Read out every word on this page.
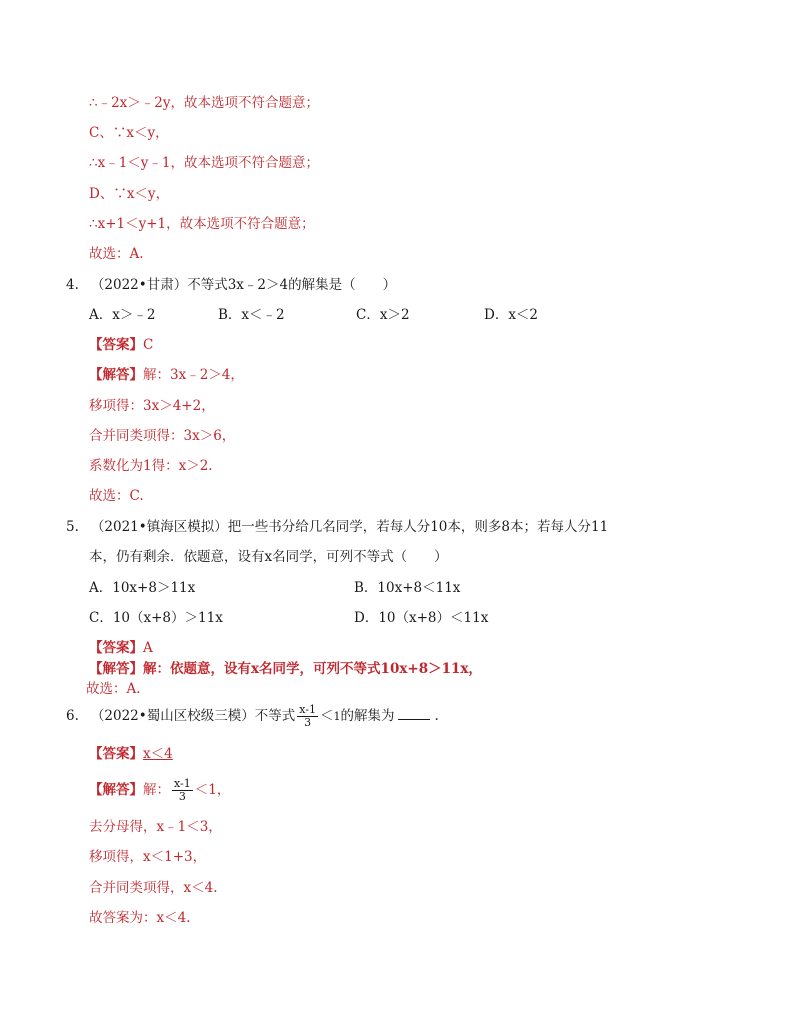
∴﹣2x＞﹣2y，故本选项不符合题意；
C、∵x＜y，
∴x﹣1＜y﹣1，故本选项不符合题意；
D、∵x＜y，
∴x+1＜y+1，故本选项不符合题意；
故选：A.
4. （2022•甘肃）不等式3x﹣2＞4的解集是（　　）
A．x＞﹣2	B．x＜﹣2	C．x＞2	D．x＜2
【答案】C
【解答】解：3x﹣2＞4，
移项得：3x＞4+2，
合并同类项得：3x＞6，
系数化为1得：x＞2.
故选：C.
5. （2021•镇海区模拟）把一些书分给几名同学，若每人分10本，则多8本；若每人分11
本，仍有剩余．依题意，设有x名同学，可列不等式（　　）
A．10x+8＞11x	B．10x+8＜11x
C．10（x+8）＞11x	D．10（x+8）＜11x
【答案】A
【解答】解：依题意，设有x名同学，可列不等式10x+8＞11x，
故选：A.
6. （2022•蜀山区校级三模）不等式 $\frac{x-1}{3} <1$的解集为	.
【答案】x＜4
【解答】解： $\frac{x-1}{3} <1$，
去分母得，x﹣1＜3，
移项得，x＜1+3，
合并同类项得，x＜4.
故答案为：x＜4.
